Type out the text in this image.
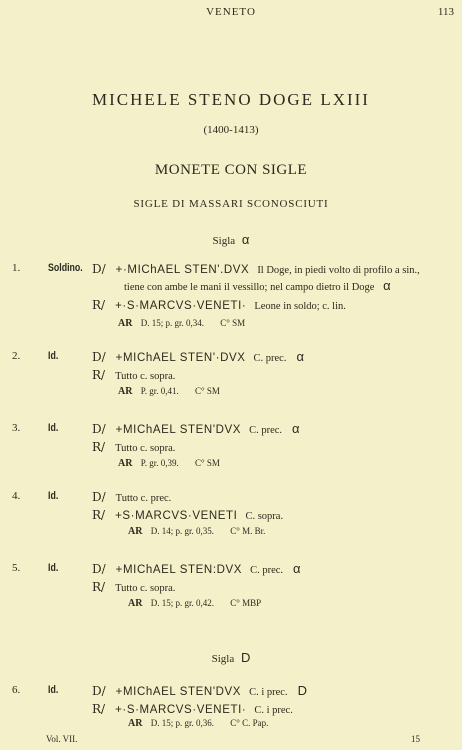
VENETO	113
MICHELE STENO DOGE LXIII
(1400-1413)
MONETE CON SIGLE
SIGLE DI MASSARI SCONOSCIUTI
Sigla α
1.	Soldino. D/ +·MIChAEL STEN'.DVX Il Doge, in piedi volto di profilo a sin.,
tiene con ambe le mani il vessillo; nel campo dietro il Doge α
R/ +·S·MARCVS·VENETI· Leone in soldo; c. lin.
AR D. 15; p. gr. 0,34. C° SM
2.	Id.	D/ +MIChAEL STEN'·DVX C. prec. α
R/ Tutto c. sopra.
AR P. gr. 0,41. C° SM
3.	Id.	D/ +MIChAEL STEN'DVX C. prec. α
R/ Tutto c. sopra.
AR P. gr. 0,39. C° SM
4.	Id.	D/ Tutto c. prec.
R/ +S·MARCVS·VENETI C. sopra.
AR D. 14; p. gr. 0,35. C° M. Br.
5.	Id.	D/ +MIChAEL STEN:DVX C. prec. α
R/ Tutto c. sopra.
AR D. 15; p. gr. 0,42. C° MBP
Sigla D
6.	Id.	D/ +MIChAEL STEN'DVX C. i prec. D
R/ +·S·MARCVS·VENETI· C. i prec.
AR D. 15; p. gr. 0,36. C° C. Pap.
Vol. VII.	15
